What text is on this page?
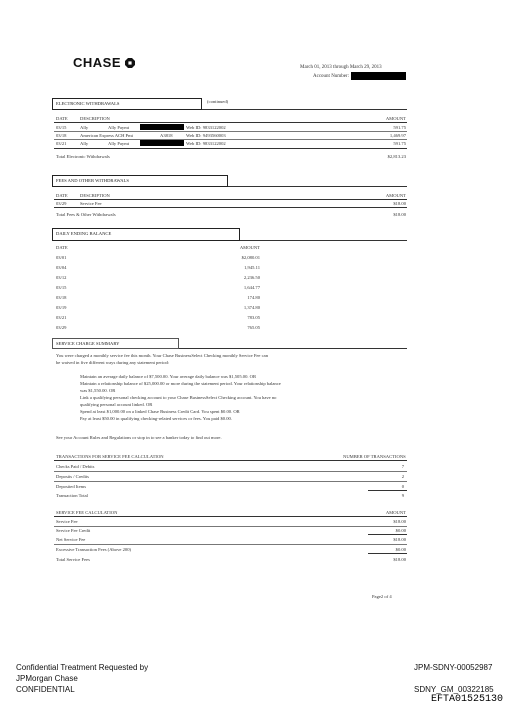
CHASE	March 01, 2013 through March 29, 2013
Account Number:
ELECTRONIC WITHDRAWALS	(continued)
DATE	DESCRIPTION	AMOUNT
03/15	Ally	Ally Paymt	Web ID: 9833122002	591.75
03/18	American Express ACH Pmt	A3818	Web ID: 9493560003	1,469.97
03/21	Ally	Ally Paymt	Web ID: 9833122002	591.75
Total Electronic Withdrawals	$2,813.23
FEES AND OTHER WITHDRAWALS
DATE	DESCRIPTION	AMOUNT
03/29	Service Fee	$18.00
Total Fees & Other Withdrawals	$18.00
DAILY ENDING BALANCE
DATE	AMOUNT
03/01	$2,080.01
03/04	1,945.11
03/12	2,236.50
03/15	1,644.77
03/18	174.80
03/19	1,374.80
03/21	783.05
03/29	765.05
SERVICE CHARGE SUMMARY
You were charged a monthly service fee this month. Your Chase BusinessSelect Checking monthly Service Fee can
be waived in five different ways during any statement period:
Maintain an average daily balance of $7,500.00. Your average daily balance was $1,505.00. OR
Maintain a relationship balance of $25,000.00 or more during the statement period. Your relationship balance
was $1,550.00. OR
Link a qualifying personal checking account to your Chase BusinessSelect Checking account. You have no
qualifying personal account linked. OR
Spend at least $1,000.00 on a linked Chase Business Credit Card. You spent $0.00. OR
Pay at least $50.00 in qualifying checking-related services or fees. You paid $0.00.
See your Account Rules and Regulations or stop in to see a banker today to find out more.
TRANSACTIONS FOR SERVICE FEE CALCULATION	NUMBER OF TRANSACTIONS
Checks Paid / Debits	7
Deposits / Credits	2
Deposited Items	0
Transaction Total	9
SERVICE FEE CALCULATION	AMOUNT
Service Fee	$18.00
Service Fee Credit	$0.00
Net Service Fee	$18.00
Excessive Transaction Fees (Above 200)	$0.00
Total Service Fees	$18.00
Page2 of 4
Confidential Treatment Requested by
JPMorgan Chase
CONFIDENTIAL
JPM-SDNY-00052987
SDNY_GM_00322185
EFTA01525130
